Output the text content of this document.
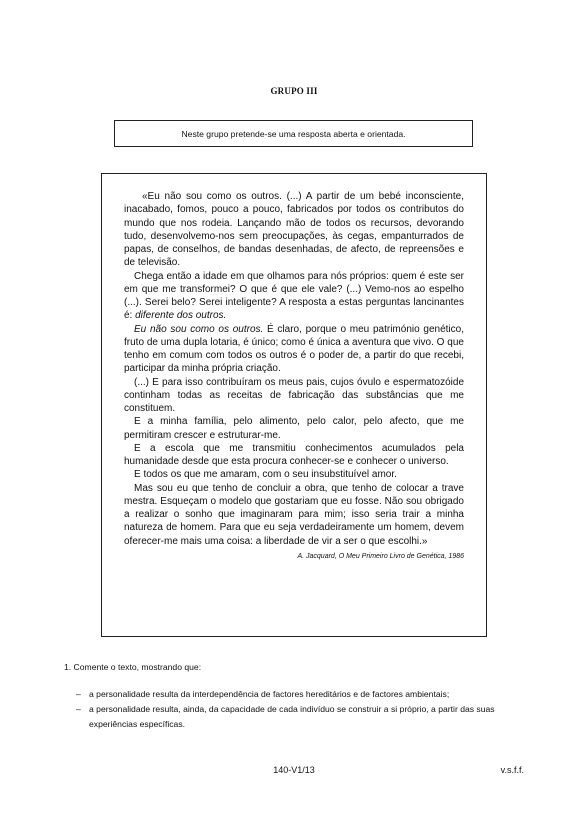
GRUPO III
Neste grupo pretende-se uma resposta aberta e orientada.

«Eu não sou como os outros. (...) A partir de um bebé inconsciente, inacabado, fomos, pouco a pouco, fabricados por todos os contributos do mundo que nos rodeia. Lançando mão de todos os recursos, devorando tudo, desenvolvemo-nos sem preocupações, às cegas, empanturrados de papas, de conselhos, de bandas desenhadas, de afecto, de repreensões e de televisão.

Chega então a idade em que olhamos para nós próprios: quem é este ser em que me transformei? O que é que ele vale? (...) Vemo-nos ao espelho (...). Serei belo? Serei inteligente? A resposta a estas perguntas lancinantes é: diferente dos outros.

Eu não sou como os outros. É claro, porque o meu património genético, fruto de uma dupla lotaria, é único; como é única a aventura que vivo. O que tenho em comum com todos os outros é o poder de, a partir do que recebi, participar da minha própria criação.

(...) E para isso contribuíram os meus pais, cujos óvulo e espermatozóide continham todas as receitas de fabricação das substâncias que me constituem.

E a minha família, pelo alimento, pelo calor, pelo afecto, que me permitiram crescer e estruturar-me.

E a escola que me transmitiu conhecimentos acumulados pela humanidade desde que esta procura conhecer-se e conhecer o universo.

E todos os que me amaram, com o seu insubstituível amor.

Mas sou eu que tenho de concluir a obra, que tenho de colocar a trave mestra. Esqueçam o modelo que gostariam que eu fosse. Não sou obrigado a realizar o sonho que imaginaram para mim; isso seria trair a minha natureza de homem. Para que eu seja verdadeiramente um homem, devem oferecer-me mais uma coisa: a liberdade de vir a ser o que escolhi.»

A. Jacquard, O Meu Primeiro Livro de Genética, 1986

1. Comente o texto, mostrando que:
– a personalidade resulta da interdependência de factores hereditários e de factores ambientais;
– a personalidade resulta, ainda, da capacidade de cada indivíduo se construir a si próprio, a partir das suas experiências específicas.
140-V1/13	v.s.f.f.
